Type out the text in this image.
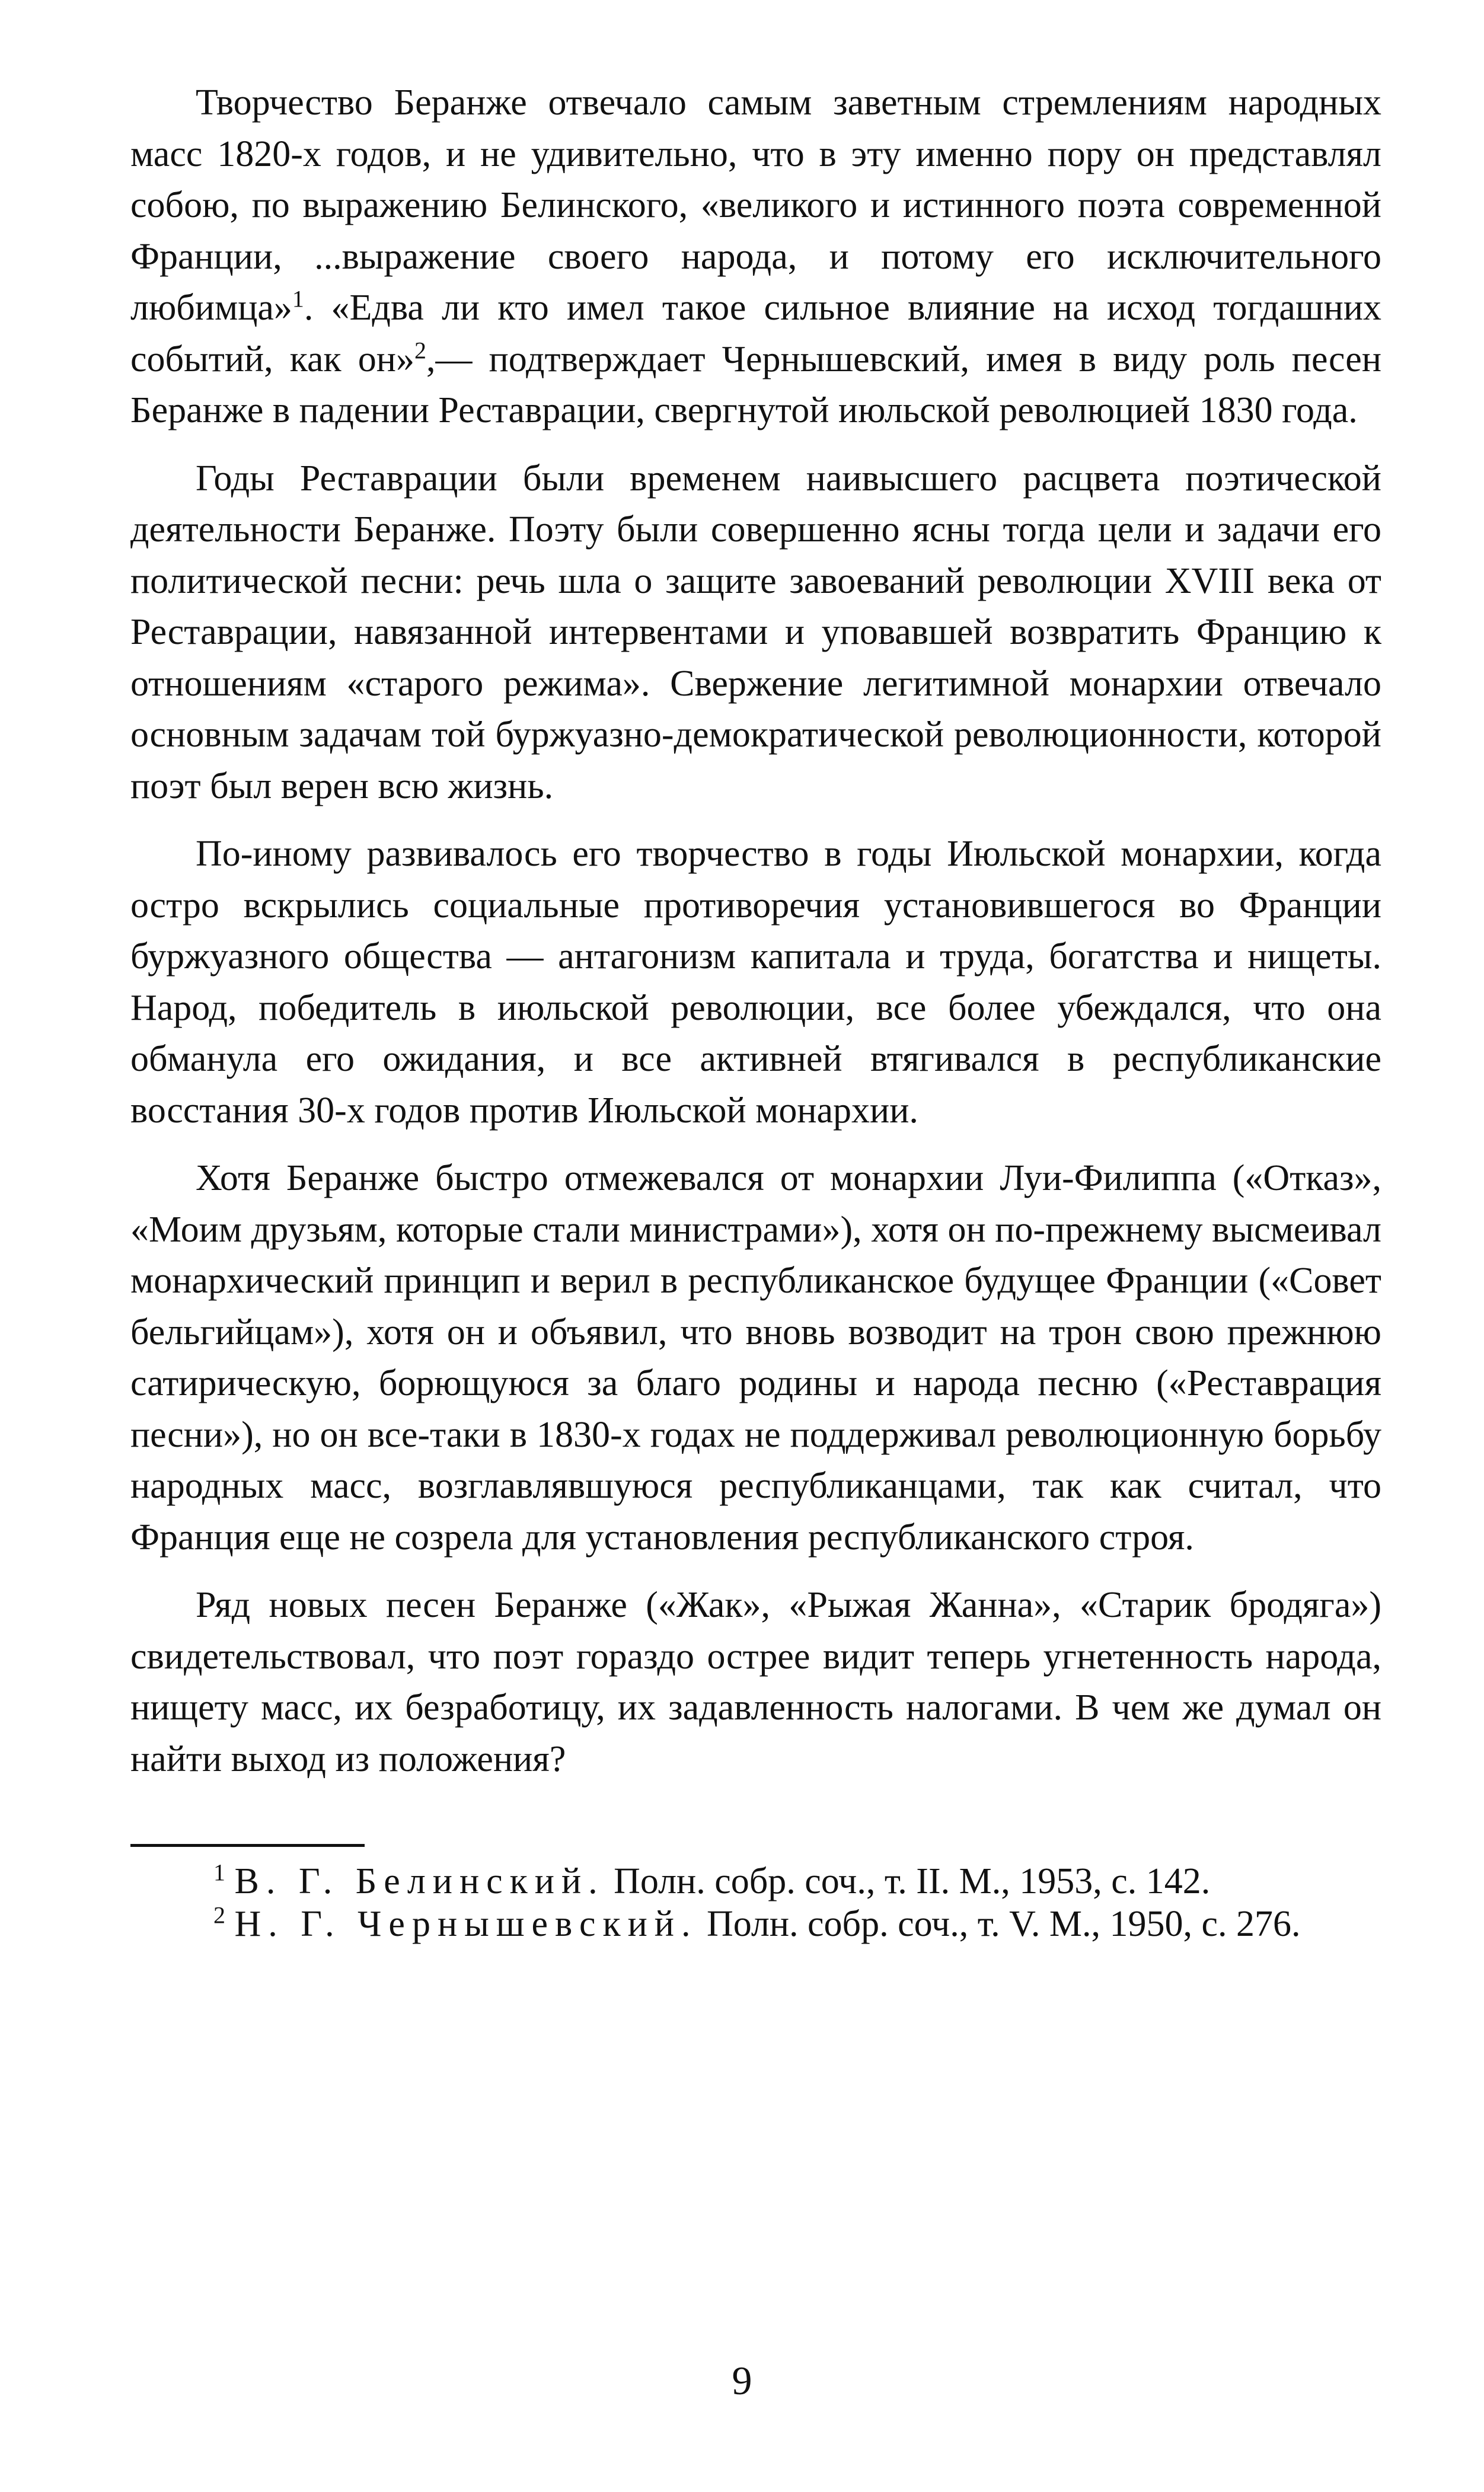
Творчество Беранже отвечало самым заветным стремлениям народных масс 1820-х годов, и не удивительно, что в эту именно пору он представлял собою, по выражению Белинского, «великого и истинного поэта современной Франции, ...выражение своего народа, и потому его исключительного любимца»$^1$. «Едва ли кто имел такое сильное влияние на исход тогдашних событий, как он»$^2$,— подтверждает Чернышевский, имея в виду роль песен Беранже в падении Реставрации, свергнутой июльской революцией 1830 года.

Годы Реставрации были временем наивысшего расцвета поэтической деятельности Беранже. Поэту были совершенно ясны тогда цели и задачи его политической песни: речь шла о защите завоеваний революции XVIII века от Реставрации, навязанной интервентами и уповавшей возвратить Францию к отношениям «старого режима». Свержение легитимной монархии отвечало основным задачам той буржуазно-демократической революционности, которой поэт был верен всю жизнь.

По-иному развивалось его творчество в годы Июльской монархии, когда остро вскрылись социальные противоречия установившегося во Франции буржуазного общества — антагонизм капитала и труда, богатства и нищеты. Народ, победитель в июльской революции, все более убеждался, что она обманула его ожидания, и все активней втягивался в республиканские восстания 30-х годов против Июльской монархии.

Хотя Беранже быстро отмежевался от монархии Луи-Филиппа («Отказ», «Моим друзьям, которые стали министрами»), хотя он по-прежнему высмеивал монархический принцип и верил в республиканское будущее Франции («Совет бельгийцам»), хотя он и объявил, что вновь возводит на трон свою прежнюю сатирическую, борющуюся за благо родины и народа песню («Реставрация песни»), но он все-таки в 1830-х годах не поддерживал революционную борьбу народных масс, возглавлявшуюся республиканцами, так как считал, что Франция еще не созрела для установления республиканского строя.

Ряд новых песен Беранже («Жак», «Рыжая Жанна», «Старик бродяга») свидетельствовал, что поэт гораздо острее видит теперь угнетенность народа, нищету масс, их безработицу, их задавленность налогами. В чем же думал он найти выход из положения?

$^1$ В. Г. Белинский. Полн. собр. соч., т. II. М., 1953, с. 142.

$^2$ Н. Г. Чернышевский. Полн. собр. соч., т. V. М., 1950, с. 276.

9
